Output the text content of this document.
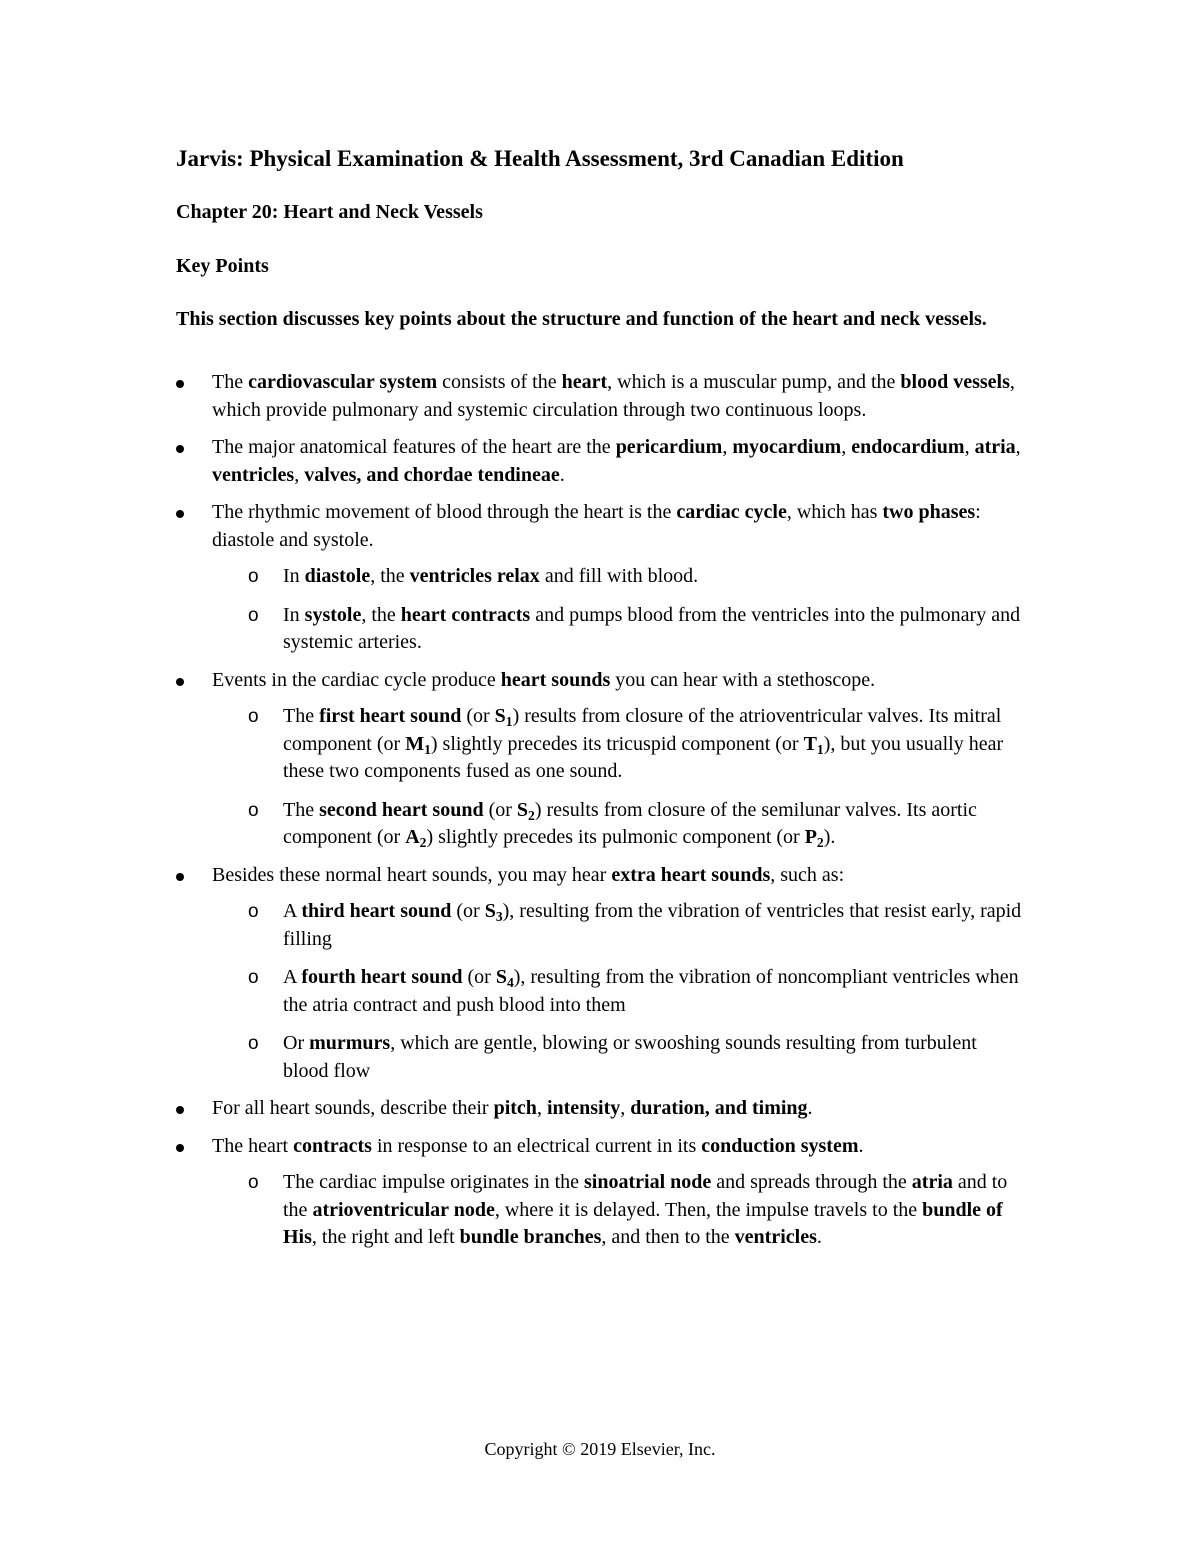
Jarvis: Physical Examination & Health Assessment, 3rd Canadian Edition

Chapter 20: Heart and Neck Vessels

Key Points

This section discusses key points about the structure and function of the heart and neck vessels.

The cardiovascular system consists of the heart, which is a muscular pump, and the blood vessels, which provide pulmonary and systemic circulation through two continuous loops.
The major anatomical features of the heart are the pericardium, myocardium, endocardium, atria, ventricles, valves, and chordae tendineae.
The rhythmic movement of blood through the heart is the cardiac cycle, which has two phases: diastole and systole.
o In diastole, the ventricles relax and fill with blood.
o In systole, the heart contracts and pumps blood from the ventricles into the pulmonary and systemic arteries.
Events in the cardiac cycle produce heart sounds you can hear with a stethoscope.
o The first heart sound (or $S_1$) results from closure of the atrioventricular valves. Its mitral component (or $M_1$) slightly precedes its tricuspid component (or $T_1$), but you usually hear these two components fused as one sound.
o The second heart sound (or $S_2$) results from closure of the semilunar valves. Its aortic component (or $A_2$) slightly precedes its pulmonic component (or $P_2$).
Besides these normal heart sounds, you may hear extra heart sounds, such as:
o A third heart sound (or $S_3$), resulting from the vibration of ventricles that resist early, rapid filling
o A fourth heart sound (or $S_4$), resulting from the vibration of noncompliant ventricles when the atria contract and push blood into them
o Or murmurs, which are gentle, blowing or swooshing sounds resulting from turbulent blood flow
For all heart sounds, describe their pitch, intensity, duration, and timing.
The heart contracts in response to an electrical current in its conduction system.
o The cardiac impulse originates in the sinoatrial node and spreads through the atria and to the atrioventricular node, where it is delayed. Then, the impulse travels to the bundle of His, the right and left bundle branches, and then to the ventricles.
Copyright © 2019 Elsevier, Inc.
